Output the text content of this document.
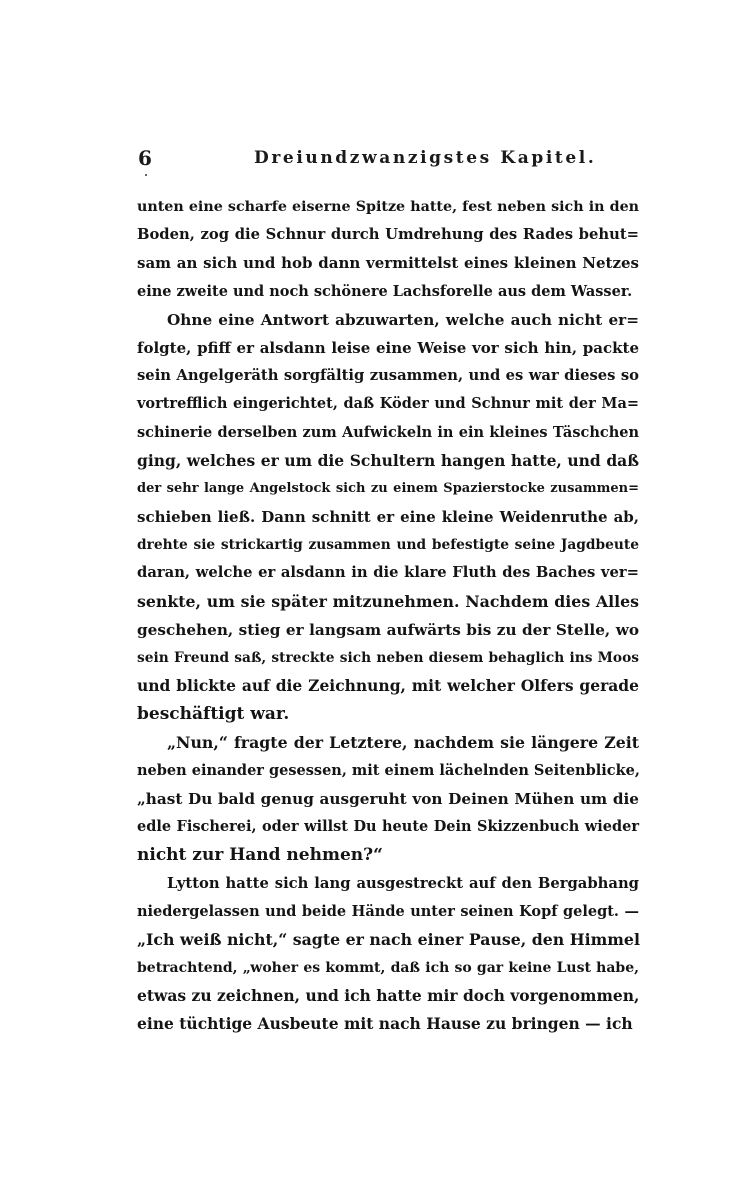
6	Dreiundzwanzigstes Kapitel.
unten eine scharfe eiserne Spitze hatte, fest neben sich in den
Boden, zog die Schnur durch Umdrehung des Rades behut=
sam an sich und hob dann vermittelst eines kleinen Netzes
eine zweite und noch schönere Lachsforelle aus dem Wasser.
Ohne eine Antwort abzuwarten, welche auch nicht er=
folgte, pfiff er alsdann leise eine Weise vor sich hin, packte
sein Angelgeräth sorgfältig zusammen, und es war dieses so
vortrefflich eingerichtet, daß Köder und Schnur mit der Ma=
schinerie derselben zum Aufwickeln in ein kleines Täschchen
ging, welches er um die Schultern hangen hatte, und daß
der sehr lange Angelstock sich zu einem Spazierstocke zusammen=
schieben ließ. Dann schnitt er eine kleine Weidenruthe ab,
drehte sie strickartig zusammen und befestigte seine Jagdbeute
daran, welche er alsdann in die klare Fluth des Baches ver=
senkte, um sie später mitzunehmen. Nachdem dies Alles
geschehen, stieg er langsam aufwärts bis zu der Stelle, wo
sein Freund saß, streckte sich neben diesem behaglich ins Moos
und blickte auf die Zeichnung, mit welcher Olfers gerade
beschäftigt war.
„Nun,“ fragte der Letztere, nachdem sie längere Zeit
neben einander gesessen, mit einem lächelnden Seitenblicke,
„hast Du bald genug ausgeruht von Deinen Mühen um die
edle Fischerei, oder willst Du heute Dein Skizzenbuch wieder
nicht zur Hand nehmen?“
Lytton hatte sich lang ausgestreckt auf den Bergabhang
niedergelassen und beide Hände unter seinen Kopf gelegt. —
„Ich weiß nicht,“ sagte er nach einer Pause, den Himmel
betrachtend, „woher es kommt, daß ich so gar keine Lust habe,
etwas zu zeichnen, und ich hatte mir doch vorgenommen,
eine tüchtige Ausbeute mit nach Hause zu bringen — ich
